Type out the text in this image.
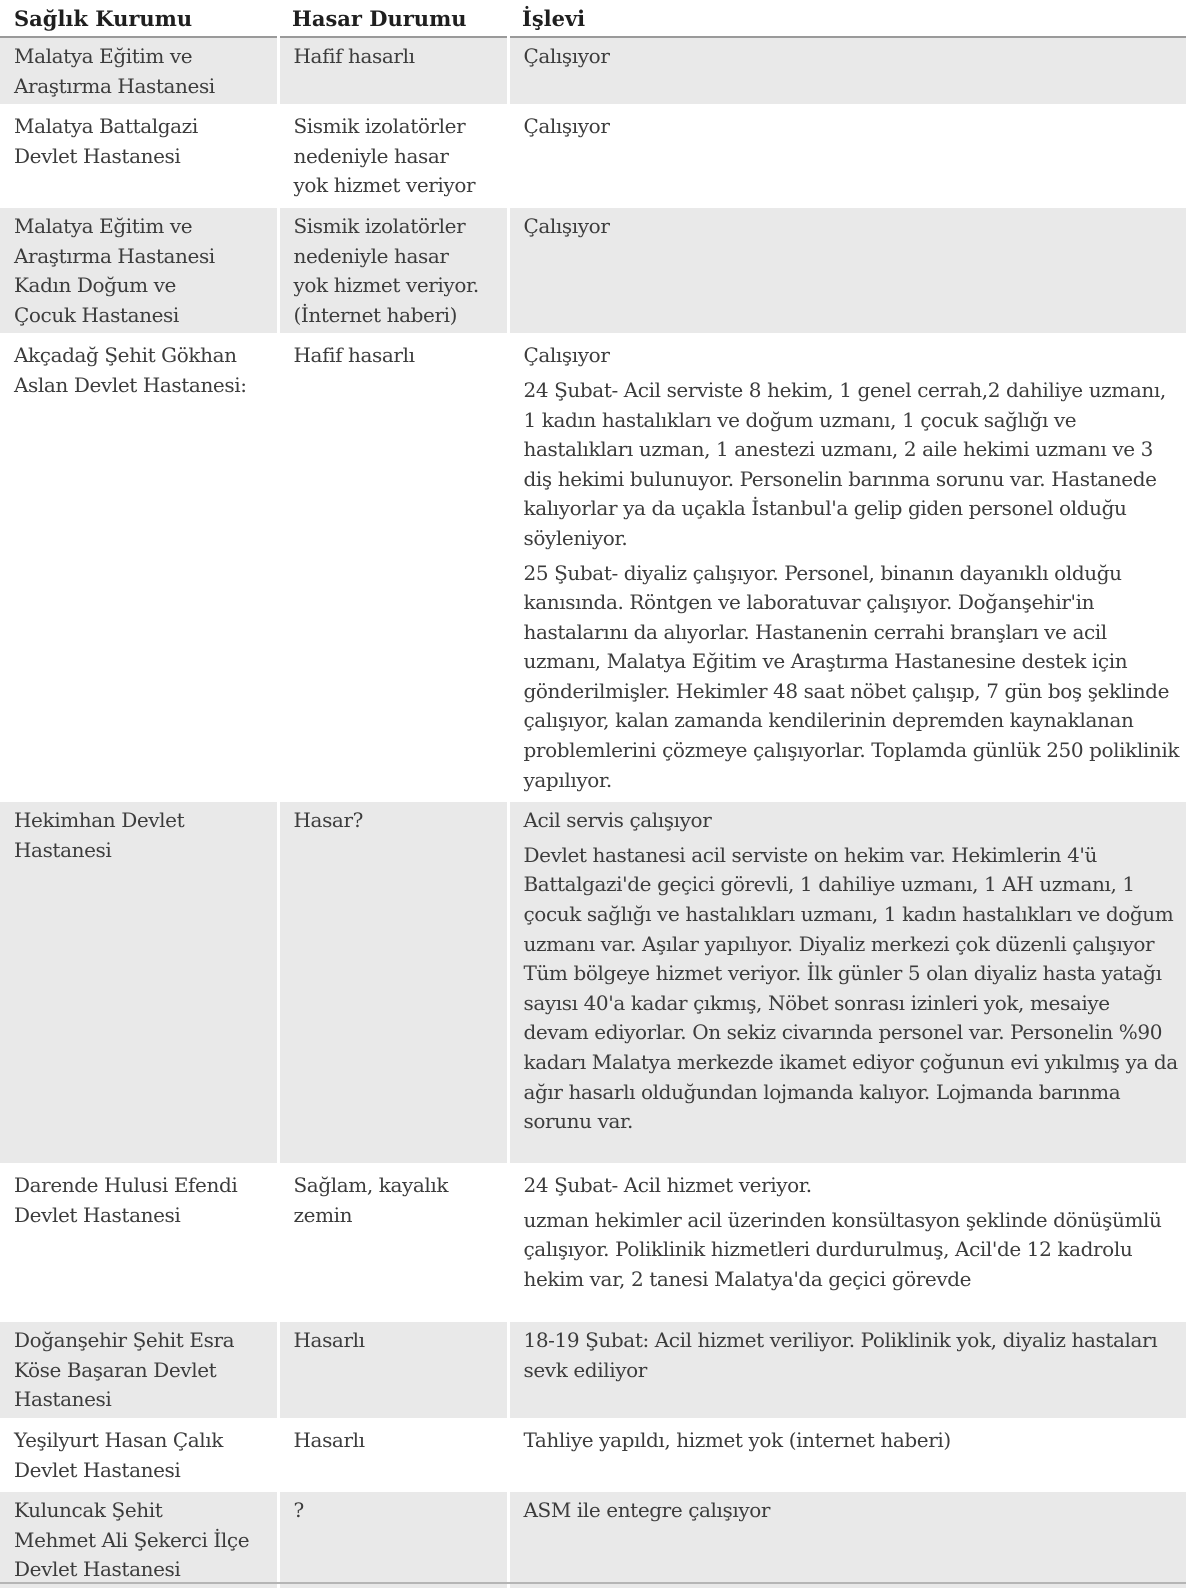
Sağlık Kurumu	Hasar Durumu	İşlevi

Malatya Eğitim ve
Araştırma Hastanesi	Hafif hasarlı	Çalışıyor

Malatya Battalgazi
Devlet Hastanesi	Sismik izolatörler
nedeniyle hasar
yok hizmet veriyor	Çalışıyor

Malatya Eğitim ve
Araştırma Hastanesi
Kadın Doğum ve
Çocuk Hastanesi	Sismik izolatörler
nedeniyle hasar
yok hizmet veriyor.
(İnternet haberi)	Çalışıyor

Akçadağ Şehit Gökhan
Aslan Devlet Hastanesi:	Hafif hasarlı	Çalışıyor
24 Şubat- Acil serviste 8 hekim, 1 genel cerrah,2 dahiliye uzmanı, 1 kadın hastalıkları ve doğum uzmanı, 1 çocuk sağlığı ve hastalıkları uzman, 1 anestezi uzmanı, 2 aile hekimi uzmanı ve 3 diş hekimi bulunuyor. Personelin barınma sorunu var. Hastanede kalıyorlar ya da uçakla İstanbul'a gelip giden personel olduğu söyleniyor.
25 Şubat- diyaliz çalışıyor. Personel, binanın dayanıklı olduğu kanısında. Röntgen ve laboratuvar çalışıyor. Doğanşehir'in hastalarını da alıyorlar. Hastanenin cerrahi branşları ve acil uzmanı, Malatya Eğitim ve Araştırma Hastanesine destek için gönderilmişler. Hekimler 48 saat nöbet çalışıp, 7 gün boş şeklinde çalışıyor, kalan zamanda kendilerinin depremden kaynaklanan problemlerini çözmeye çalışıyorlar. Toplamda günlük 250 poliklinik yapılıyor.

Hekimhan Devlet
Hastanesi	Hasar?	Acil servis çalışıyor
Devlet hastanesi acil serviste on hekim var. Hekimlerin 4'ü Battalgazi'de geçici görevli, 1 dahiliye uzmanı, 1 AH uzmanı, 1 çocuk sağlığı ve hastalıkları uzmanı, 1 kadın hastalıkları ve doğum uzmanı var. Aşılar yapılıyor. Diyaliz merkezi çok düzenli çalışıyor Tüm bölgeye hizmet veriyor. İlk günler 5 olan diyaliz hasta yatağı sayısı 40'a kadar çıkmış, Nöbet sonrası izinleri yok, mesaiye devam ediyorlar. On sekiz civarında personel var. Personelin %90 kadarı Malatya merkezde ikamet ediyor çoğunun evi yıkılmış ya da ağır hasarlı olduğundan lojmanda kalıyor. Lojmanda barınma sorunu var.

Darende Hulusi Efendi
Devlet Hastanesi	Sağlam, kayalık
zemin	24 Şubat- Acil hizmet veriyor.
uzman hekimler acil üzerinden konsültasyon şeklinde dönüşümlü çalışıyor. Poliklinik hizmetleri durdurulmuş, Acil'de 12 kadrolu hekim var, 2 tanesi Malatya'da geçici görevde

Doğanşehir Şehit Esra
Köse Başaran Devlet
Hastanesi	Hasarlı	18-19 Şubat: Acil hizmet veriliyor. Poliklinik yok, diyaliz hastaları sevk ediliyor

Yeşilyurt Hasan Çalık
Devlet Hastanesi	Hasarlı	Tahliye yapıldı, hizmet yok (internet haberi)

Kuluncak Şehit
Mehmet Ali Şekerci İlçe
Devlet Hastanesi	?	ASM ile entegre çalışıyor
